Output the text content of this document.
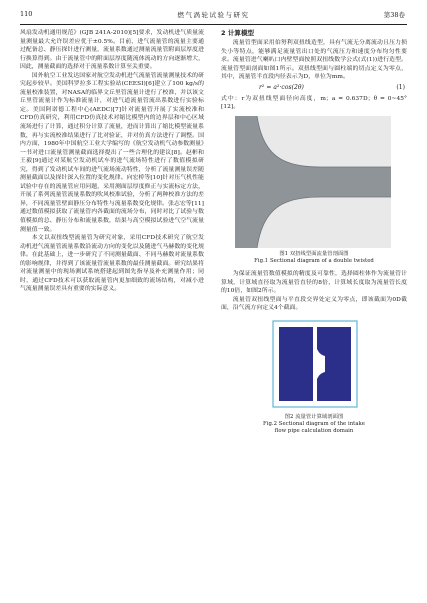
110	燃气涡轮试验与研究	第38卷

风扇发动机通用规范》(GJB 241A-2010)[5]要求，发动机进气质量流量测量最大允许误差应优于±0.5%。目前，进气流量管的流量主要通过配备总、静压探针进行测量，流量系数通过测量流量管附面层厚度进行换算得到。由于流量管中的附面层厚度随流体流动的方向逐渐增大，因此，测量截面的选择对于流量系数计算至关重要。

国外航空工业发达国家对航空发动机进气流量管流量测量技术的研究起步较早。美国科罗拉多工程实验站(CEESI)[6]建立了100 kg/s的流量校准装置，对NASA的临界文丘里管流量计进行了校准，并以该文丘里管流量计作为标准流量计，对进气道流量管流出系数进行实验标定。美国阿诺德工程中心(AEDC)[7]针对流量管开展了实流校准和CFD仿真研究，利用CFD仿真技术对缩比模型内的边界层和中心区域流场进行了计算，通过积分计算了流量，进而计算出了缩比模型流量系数，再与实流校准结果进行了比对验证，并对仿真方法进行了调整。国内方面，1980年中国航空工业大学编写的《航空发动机气动参数测量》一书对进口流量管测量截面选择提出了一些合理化的建议[8]。赵彬和王毅[9]通过对某航空发动机试车的进气流场特性进行了数值模拟研究，得到了发动机试车间的进气流场流动特性，分析了流量测量误差随测量截面以及探针深入位置的变化规律。向宏桥等[10]针对压气机性能试验中存在的流量管应用问题，采用测面层厚度修正与实流标定方法，开展了系列流量管流量系数的吹风校准试验，分析了两种校准方法的差异，不同流量管壁面静压分布特性与流量系数变化规律。张志宏等[11]通过数值模拟获取了流量管内各截面的流场分布，同时对比了试验与数值模拟的总、静压分布和流量系数，结果与高空模拟试验进气空气流量测量值一致。

本文以双扭线型流量管为研究对象，采用CFD技术研究了航空发动机进气流量管流量系数沿流动方向的变化以及随进气马赫数的变化规律。在此基础上，进一步研究了不同测量截面、不同马赫数对流量系数的影响规律，并得到了该流量管流量系数的最佳测量截面。研究结果将对流量测量中的现场测试系统搭建起到图先指导及补充测量作用；同时，通过CFD技术可以获取流量管内更加细致的流场结构，对减小进气流量测量误差具有重要的实际意义。

2 计算模型

流量管型面采用伯努利双扭线造型，具有气流无分离流动且压力损失小等特点，能够满足流量管出口处的气流压力和速度分布均匀性要求。流量管进气喇叭口内壁型面按照双扭线数学公式(式(1))进行造型。流量管型面剖面如图1所示。双扭线型面与圆柱端的切点定义为零点，其中，流量管半直段内径表示为D，单位为mm。

r² = a²·cos(2θ)	(1)

式中：r为双扭线型面径向高度，m；a = 0.637D；θ = 0~45°[12]。

图1 双扭线型面流量管剖面图
Fig.1 Sectional diagram of a double twisted

为保证流量管数值模拟的精度及可靠性，选择圆柱体作为流量管计算域，计算域直径取为流量管直径的8倍，计算域长度取为流量管长度的10倍，如图2所示。

流量管双扭线型面与平直段交界处定义为零点，即该截面为0D截面，沿气流方向定义4个截面。

图2 流量管计算域剖面图
Fig.2 Sectional diagram of the intake
flow pipe calculation domain
